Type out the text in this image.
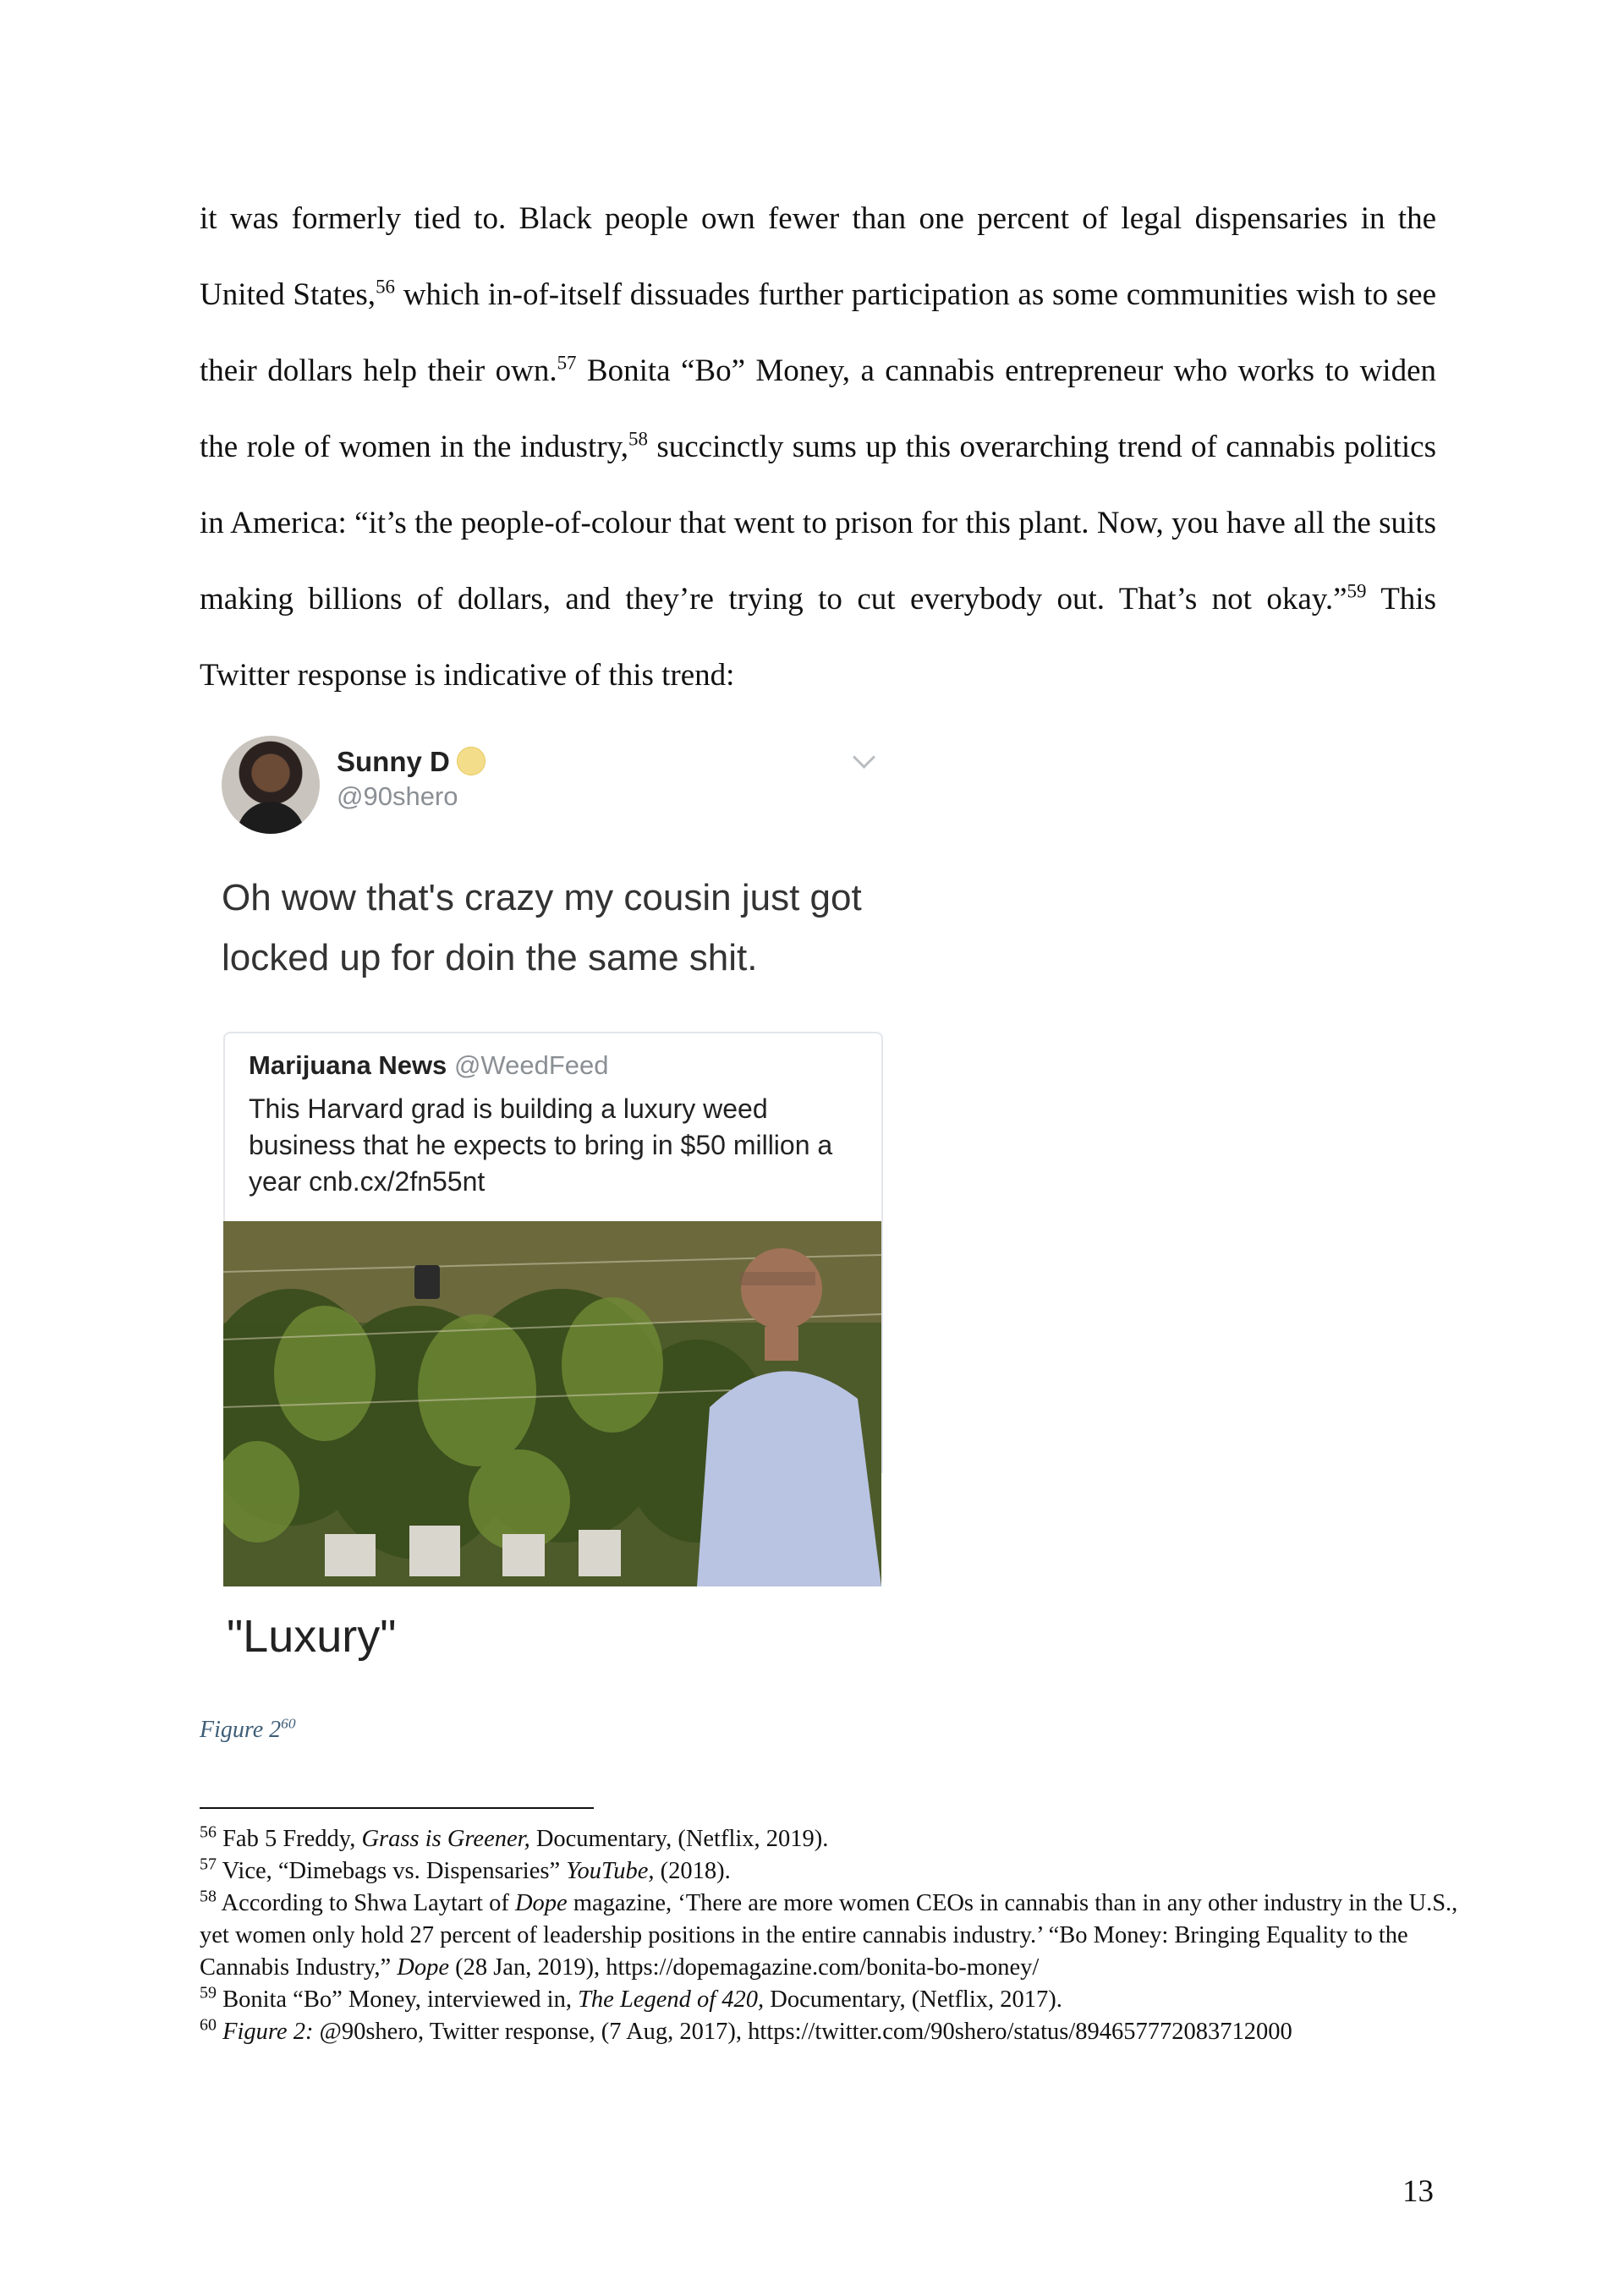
it was formerly tied to. Black people own fewer than one percent of legal dispensaries in the United States,$^{56}$ which in-of-itself dissuades further participation as some communities wish to see their dollars help their own.$^{57}$ Bonita “Bo” Money, a cannabis entrepreneur who works to widen the role of women in the industry,$^{58}$ succinctly sums up this overarching trend of cannabis politics in America: “it’s the people-of-colour that went to prison for this plant. Now, you have all the suits making billions of dollars, and they’re trying to cut everybody out. That’s not okay.”$^{59}$ This Twitter response is indicative of this trend:

Sunny D
@90shero
Oh wow that's crazy my cousin just got locked up for doin the same shit.
Marijuana News @WeedFeed
This Harvard grad is building a luxury weed business that he expects to bring in $50 million a year cnb.cx/2fn55nt
"Luxury"
Figure $2^{60}$

$^{56}$ Fab 5 Freddy, Grass is Greener, Documentary, (Netflix, 2019).

$^{57}$ Vice, “Dimebags vs. Dispensaries” YouTube, (2018).

$^{58}$ According to Shwa Laytart of Dope magazine, ‘There are more women CEOs in cannabis than in any other industry in the U.S., yet women only hold 27 percent of leadership positions in the entire cannabis industry.’ “Bo Money: Bringing Equality to the Cannabis Industry,” Dope (28 Jan, 2019), https://dopemagazine.com/bonita-bo-money/

$^{59}$ Bonita “Bo” Money, interviewed in, The Legend of 420, Documentary, (Netflix, 2017).

$^{60}$ Figure 2: @90shero, Twitter response, (7 Aug, 2017), https://twitter.com/90shero/status/894657772083712000

13
